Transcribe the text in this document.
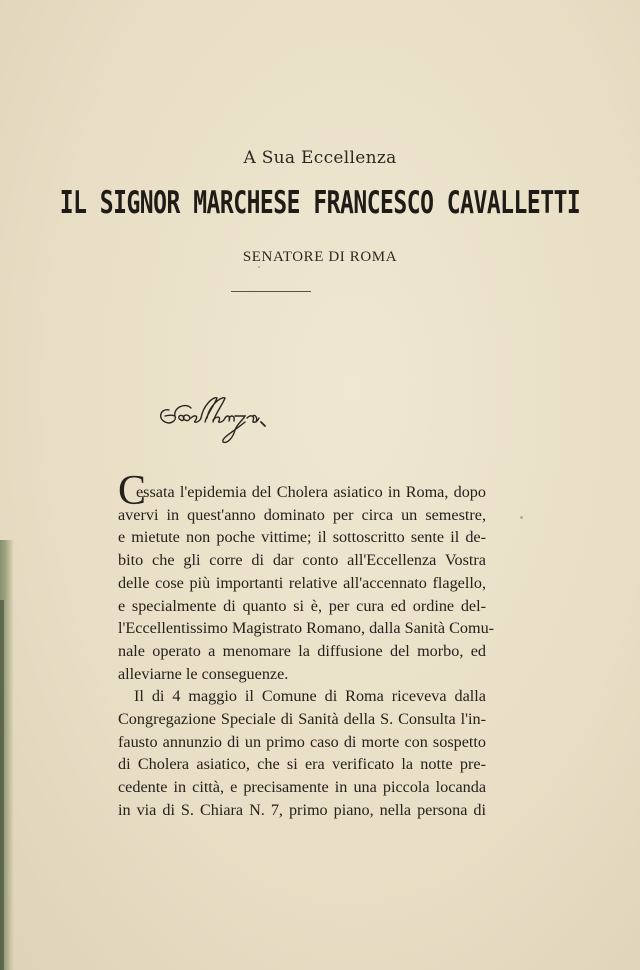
A Sua Eccellenza
IL SIGNOR MARCHESE FRANCESCO CAVALLETTI
SENATORE DI ROMA
C
essata l'epidemia del Cholera asiatico in Roma, dopo
avervi in quest'anno dominato per circa un semestre,
e mietute non poche vittime; il sottoscritto sente il de-
bito che gli corre di dar conto all'Eccellenza Vostra
delle cose più importanti relative all'accennato flagello,
e specialmente di quanto si è, per cura ed ordine del-
l'Eccellentissimo Magistrato Romano, dalla Sanità Comu-
nale operato a menomare la diffusione del morbo, ed
alleviarne le conseguenze.
Il di 4 maggio il Comune di Roma riceveva dalla
Congregazione Speciale di Sanità della S. Consulta l'in-
fausto annunzio di un primo caso di morte con sospetto
di Cholera asiatico, che si era verificato la notte pre-
cedente in città, e precisamente in una piccola locanda
in via di S. Chiara N. 7, primo piano, nella persona di
